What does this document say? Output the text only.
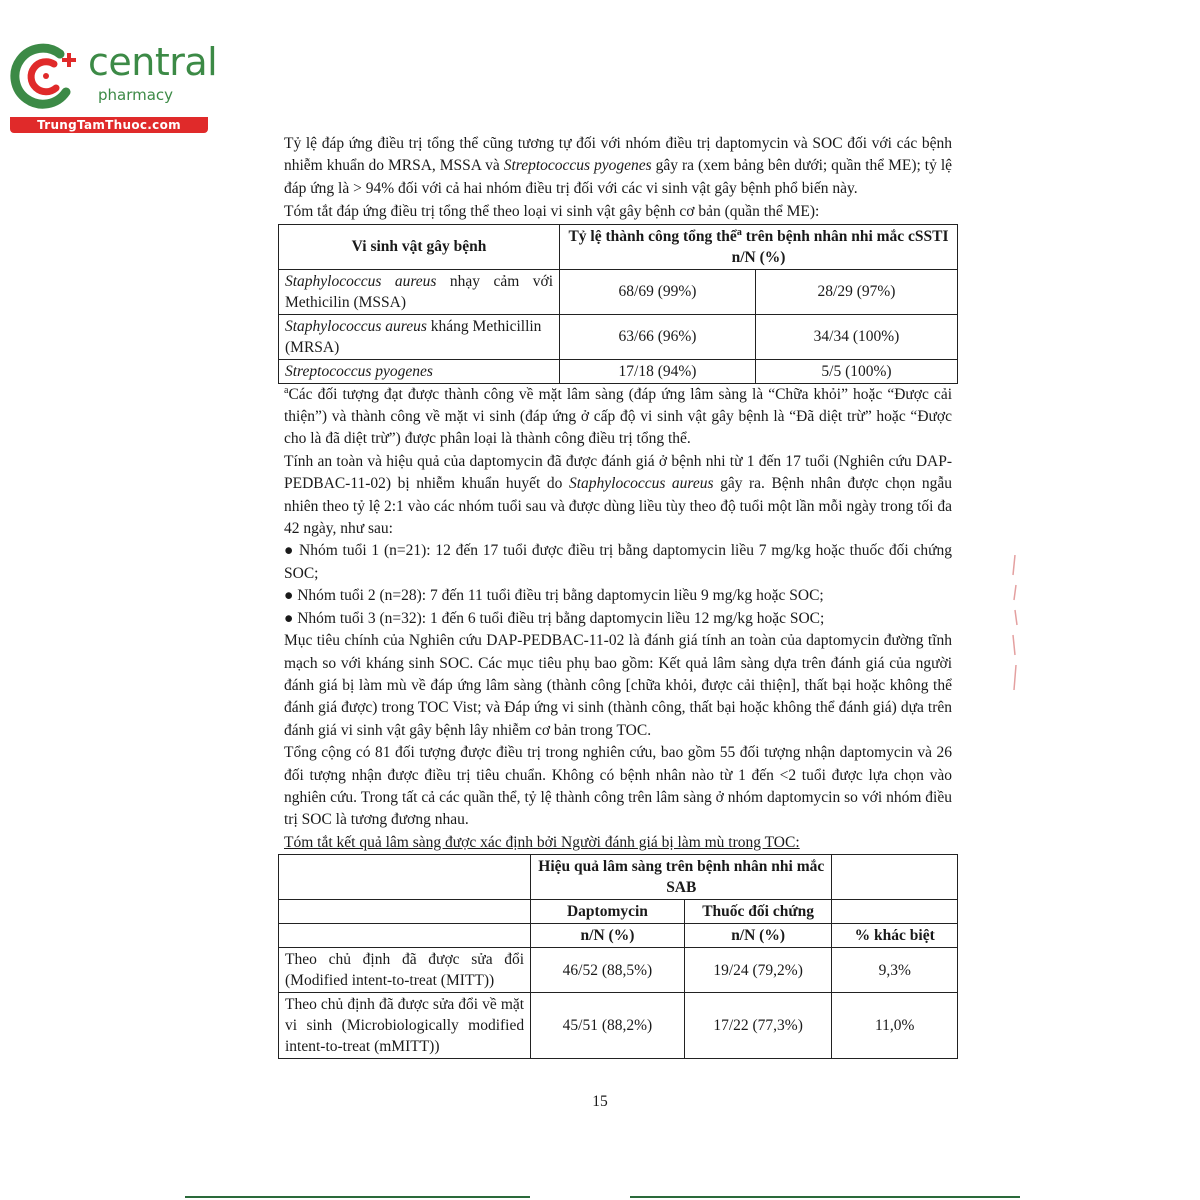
central
pharmacy
TrungTamThuoc.com

Tỷ lệ đáp ứng điều trị tổng thể cũng tương tự đối với nhóm điều trị daptomycin và SOC đối với các bệnh nhiễm khuẩn do MRSA, MSSA và Streptococcus pyogenes gây ra (xem bảng bên dưới; quần thể ME); tỷ lệ đáp ứng là > 94% đối với cả hai nhóm điều trị đối với các vi sinh vật gây bệnh phổ biến này.

Tóm tắt đáp ứng điều trị tổng thể theo loại vi sinh vật gây bệnh cơ bản (quần thể ME):

Vi sinh vật gây bệnh	Tỷ lệ thành công tổng thể$^a$ trên bệnh nhân nhi mắc cSSTI n/N (%)	
Staphylococcus aureus nhạy cảm với Methicilin (MSSA)	68/69 (99%)	28/29 (97%)
Staphylococcus aureus kháng Methicillin (MRSA)	63/66 (96%)	34/34 (100%)
Streptococcus pyogenes	17/18 (94%)	5/5 (100%)

$^a$Các đối tượng đạt được thành công về mặt lâm sàng (đáp ứng lâm sàng là “Chữa khỏi” hoặc “Được cải thiện”) và thành công về mặt vi sinh (đáp ứng ở cấp độ vi sinh vật gây bệnh là “Đã diệt trừ” hoặc “Được cho là đã diệt trừ”) được phân loại là thành công điều trị tổng thể.

Tính an toàn và hiệu quả của daptomycin đã được đánh giá ở bệnh nhi từ 1 đến 17 tuổi (Nghiên cứu DAP-PEDBAC-11-02) bị nhiễm khuẩn huyết do Staphylococcus aureus gây ra. Bệnh nhân được chọn ngẫu nhiên theo tỷ lệ 2:1 vào các nhóm tuổi sau và được dùng liều tùy theo độ tuổi một lần mỗi ngày trong tối đa 42 ngày, như sau:

● Nhóm tuổi 1 (n=21): 12 đến 17 tuổi được điều trị bằng daptomycin liều 7 mg/kg hoặc thuốc đối chứng SOC;

● Nhóm tuổi 2 (n=28): 7 đến 11 tuổi điều trị bằng daptomycin liều 9 mg/kg hoặc SOC;

● Nhóm tuổi 3 (n=32): 1 đến 6 tuổi điều trị bằng daptomycin liều 12 mg/kg hoặc SOC;

Mục tiêu chính của Nghiên cứu DAP-PEDBAC-11-02 là đánh giá tính an toàn của daptomycin đường tĩnh mạch so với kháng sinh SOC. Các mục tiêu phụ bao gồm: Kết quả lâm sàng dựa trên đánh giá của người đánh giá bị làm mù về đáp ứng lâm sàng (thành công [chữa khỏi, được cải thiện], thất bại hoặc không thể đánh giá được) trong TOC Vist; và Đáp ứng vi sinh (thành công, thất bại hoặc không thể đánh giá) dựa trên đánh giá vi sinh vật gây bệnh lây nhiễm cơ bản trong TOC.

Tổng cộng có 81 đối tượng được điều trị trong nghiên cứu, bao gồm 55 đối tượng nhận daptomycin và 26 đối tượng nhận được điều trị tiêu chuẩn. Không có bệnh nhân nào từ 1 đến <2 tuổi được lựa chọn vào nghiên cứu. Trong tất cả các quần thể, tỷ lệ thành công trên lâm sàng ở nhóm daptomycin so với nhóm điều trị SOC là tương đương nhau.

Tóm tắt kết quả lâm sàng được xác định bởi Người đánh giá bị làm mù trong TOC:

	Hiệu quả lâm sàng trên bệnh nhân nhi mắc SAB		
	Daptomycin	Thuốc đối chứng	
	n/N (%)	n/N (%)	% khác biệt
Theo chủ định đã được sửa đổi (Modified intent-to-treat (MITT))	46/52 (88,5%)	19/24 (79,2%)	9,3%
Theo chủ định đã được sửa đổi về mặt vi sinh (Microbiologically modified intent-to-treat (mMITT))	45/51 (88,2%)	17/22 (77,3%)	11,0%
15
